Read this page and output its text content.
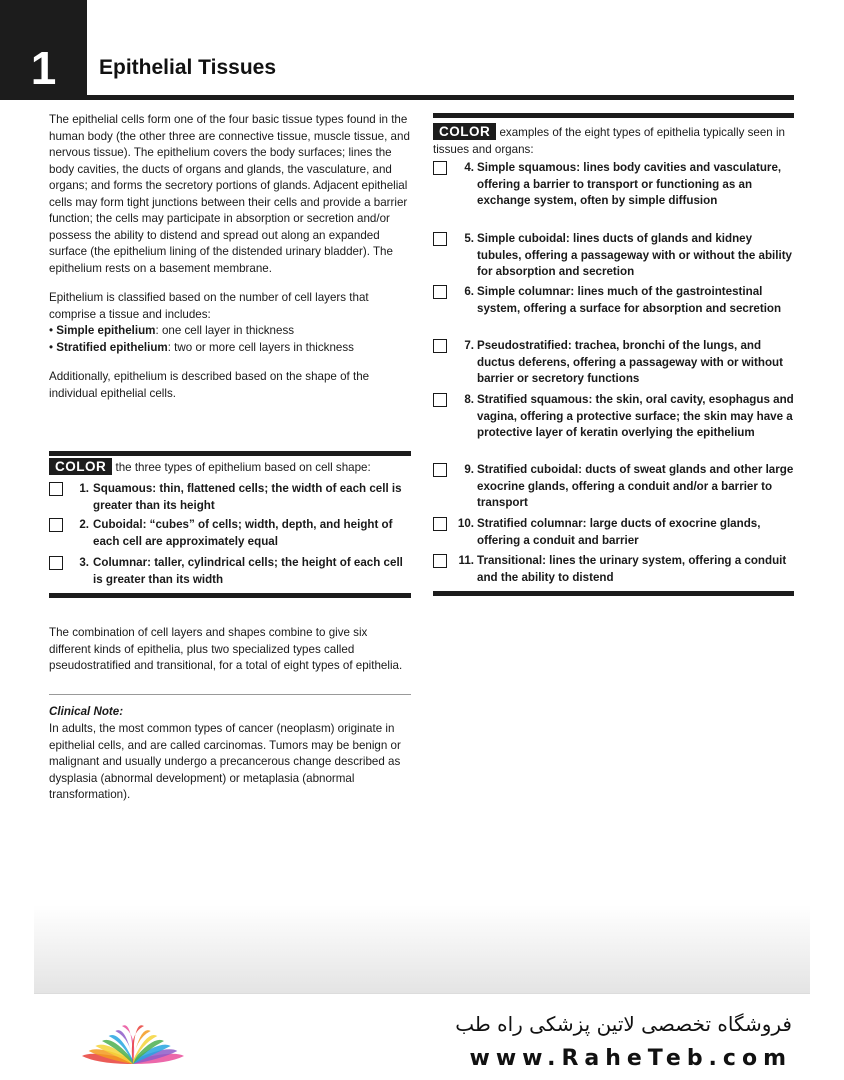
1	Epithelial Tissues

The epithelial cells form one of the four basic tissue types found in the human body (the other three are connective tissue, muscle tissue, and nervous tissue). The epithelium covers the body surfaces; lines the body cavities, the ducts of organs and glands, the vasculature, and organs; and forms the secretory portions of glands. Adjacent epithelial cells may form tight junctions between their cells and provide a barrier function; the cells may participate in absorption or secretion and/or possess the ability to distend and spread out along an expanded surface (the epithelium lining of the distended urinary bladder). The epithelium rests on a basement membrane.

Epithelium is classified based on the number of cell layers that comprise a tissue and includes:

• Simple epithelium: one cell layer in thickness

• Stratified epithelium: two or more cell layers in thickness

Additionally, epithelium is described based on the shape of the individual epithelial cells.

COLOR the three types of epithelium based on cell shape:
1. Squamous: thin, flattened cells; the width of each cell is greater than its height
2. Cuboidal: “cubes” of cells; width, depth, and height of each cell are approximately equal
3. Columnar: taller, cylindrical cells; the height of each cell is greater than its width
The combination of cell layers and shapes combine to give six different kinds of epithelia, plus two specialized types called pseudostratified and transitional, for a total of eight types of epithelia.
Clinical Note:
In adults, the most common types of cancer (neoplasm) originate in epithelial cells, and are called carcinomas. Tumors may be benign or malignant and usually undergo a precancerous change described as dysplasia (abnormal development) or metaplasia (abnormal transformation).
COLOR examples of the eight types of epithelia typically seen in tissues and organs:
4. Simple squamous: lines body cavities and vasculature, offering a barrier to transport or functioning as an exchange system, often by simple diffusion
5. Simple cuboidal: lines ducts of glands and kidney tubules, offering a passageway with or without the ability for absorption and secretion
6. Simple columnar: lines much of the gastrointestinal system, offering a surface for absorption and secretion
7. Pseudostratified: trachea, bronchi of the lungs, and ductus deferens, offering a passageway with or without barrier or secretory functions
8. Stratified squamous: the skin, oral cavity, esophagus and vagina, offering a protective surface; the skin may have a protective layer of keratin overlying the epithelium
9. Stratified cuboidal: ducts of sweat glands and other large exocrine glands, offering a conduit and/or a barrier to transport
10. Stratified columnar: large ducts of exocrine glands, offering a conduit and barrier
11. Transitional: lines the urinary system, offering a conduit and the ability to distend
فروشگاه تخصصی لاتین پزشکی راه طب
www.RaheTeb.com
